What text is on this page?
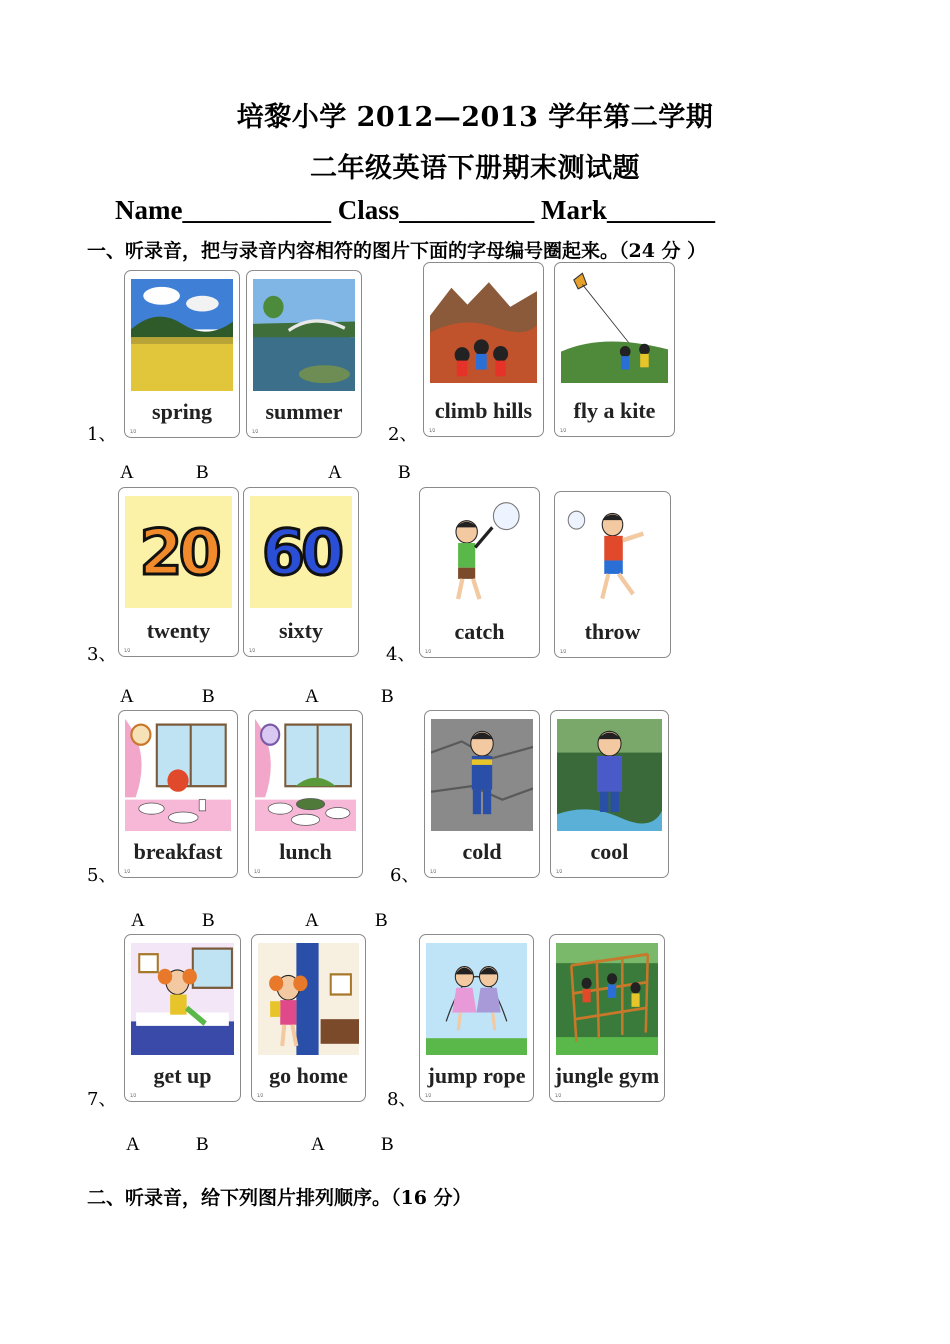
培黎小学 2012—2013 学年第二学期
二年级英语下册期末测试题
Name___________ Class__________ Mark________
一、听录音，把与录音内容相符的图片下面的字母编号圈起来。（24 分 ）
1、	2、
3、	4、
5、	6、
7、	8、
A	B	A	B
A	B	A	B
A	B	A	B
A	B	A	B
spring
1/2
summer
1/2
climb hills
1/2
fly a kite
1/2
20
twenty
1/2
60
sixty
1/2
catch
1/2
throw
1/2
breakfast
1/2
lunch
1/2
cold
1/2
cool
1/2
get up
1/2
go home
1/2
jump rope
1/2
jungle gym
1/2
二、听录音，给下列图片排列顺序。（16 分）
